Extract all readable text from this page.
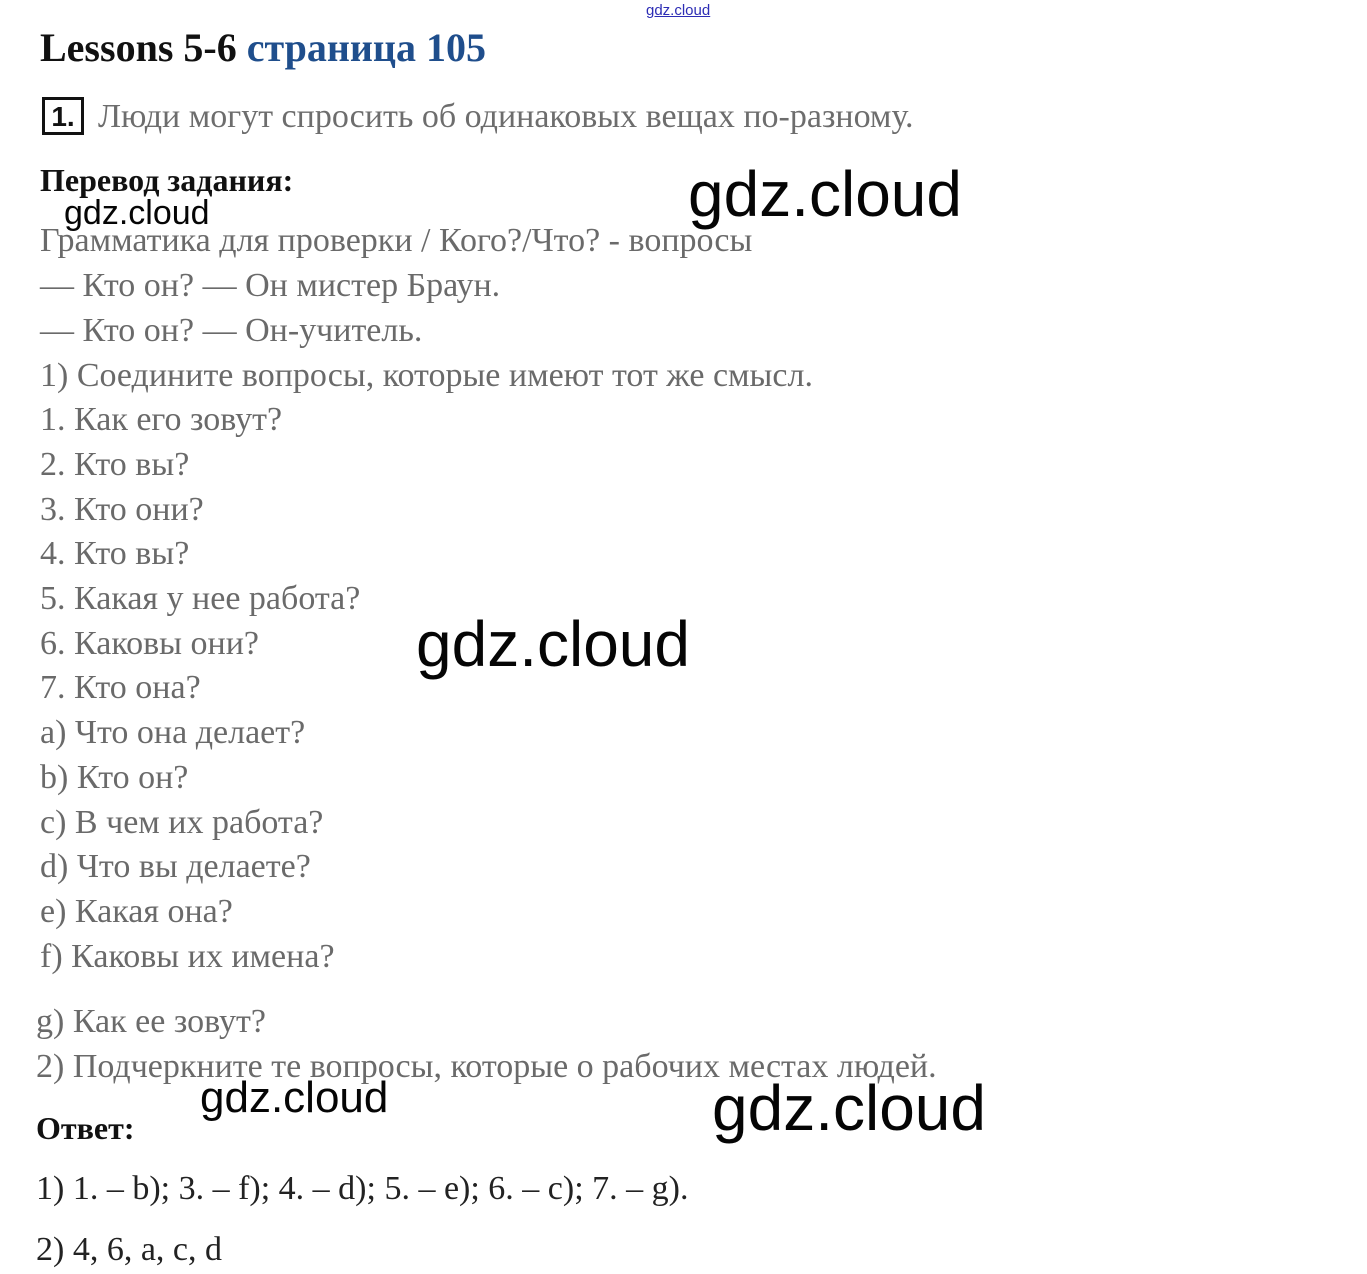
gdz.cloud
Lessons 5-6 страница 105
1. Люди могут спросить об одинаковых вещах по-разному.
Перевод задания:
Грамматика для проверки / Кого?/Что? - вопросы
— Кто он? — Он мистер Браун.
— Кто он? — Он-учитель.
1) Соедините вопросы, которые имеют тот же смысл.
1. Как его зовут?
2. Кто вы?
3. Кто они?
4. Кто вы?
5. Какая у нее работа?
6. Каковы они?
7. Кто она?
a) Что она делает?
b) Кто он?
c) В чем их работа?
d) Что вы делаете?
e) Какая она?
f) Каковы их имена?
g) Как ее зовут?
2) Подчеркните те вопросы, которые о рабочих местах людей.
Ответ:
1) 1. – b); 3. – f); 4. – d); 5. – e); 6. – c); 7. – g).
2) 4, 6, a, c, d
gdz.cloud	gdz.cloud
gdz.cloud
gdz.cloud
gdz.cloud
